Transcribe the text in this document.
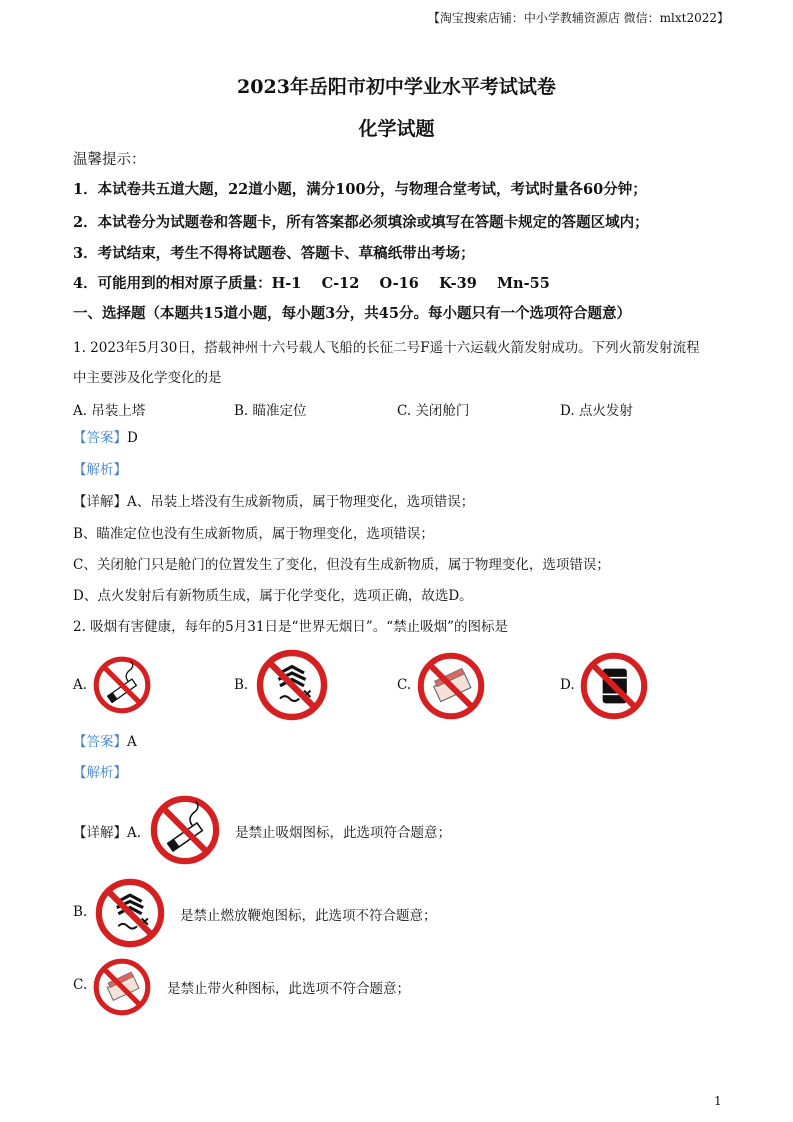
【淘宝搜索店铺：中小学教辅资源店 微信：mlxt2022】
2023年岳阳市初中学业水平考试试卷
化学试题
温馨提示：
1．本试卷共五道大题，22道小题，满分100分，与物理合堂考试，考试时量各60分钟；
2．本试卷分为试题卷和答题卡，所有答案都必须填涂或填写在答题卡规定的答题区域内；
3．考试结束，考生不得将试题卷、答题卡、草稿纸带出考场；
4．可能用到的相对原子质量：H-1    C-12    O-16    K-39    Mn-55
一、选择题（本题共15道小题，每小题3分，共45分。每小题只有一个选项符合题意）
1. 2023年5月30日，搭载神州十六号载人飞船的长征二号F遥十六运载火箭发射成功。下列火箭发射流程
中主要涉及化学变化的是
A. 吊装上塔	B. 瞄准定位	C. 关闭舱门	D. 点火发射
【答案】D
【解析】
【详解】A、吊装上塔没有生成新物质，属于物理变化，选项错误；
B、瞄准定位也没有生成新物质，属于物理变化，选项错误；
C、关闭舱门只是舱门的位置发生了变化，但没有生成新物质，属于物理变化，选项错误；
D、点火发射后有新物质生成，属于化学变化，选项正确，故选D。
2. 吸烟有害健康，每年的5月31日是“世界无烟日”。“禁止吸烟”的图标是
A.	B.	C.	D.
【答案】A
【解析】
【详解】A.	是禁止吸烟图标，此选项符合题意；
B.	是禁止燃放鞭炮图标，此选项不符合题意；
C.	是禁止带火种图标，此选项不符合题意；
1
